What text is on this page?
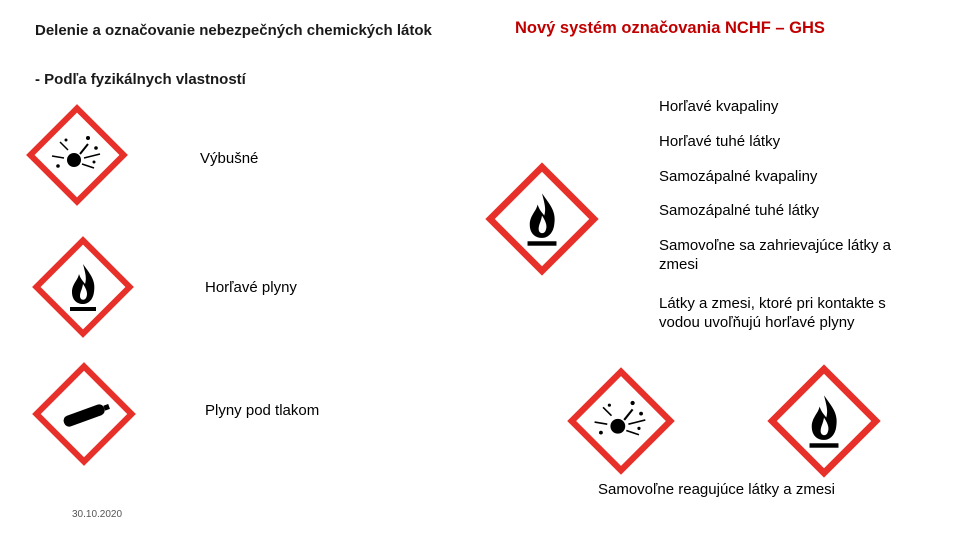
Delenie a označovanie nebezpečných chemických látok	Nový systém označovania NCHF – GHS
- Podľa fyzikálnych vlastností
Výbušné
Horľavé plyny
Plyny pod tlakom
Horľavé kvapaliny
Horľavé tuhé látky
Samozápalné kvapaliny
Samozápalné tuhé látky
Samovoľne sa zahrievajúce látky a zmesi
Látky a zmesi, ktoré pri kontakte s vodou uvoľňujú horľavé plyny
Samovoľne reagujúce látky a zmesi
30.10.2020
